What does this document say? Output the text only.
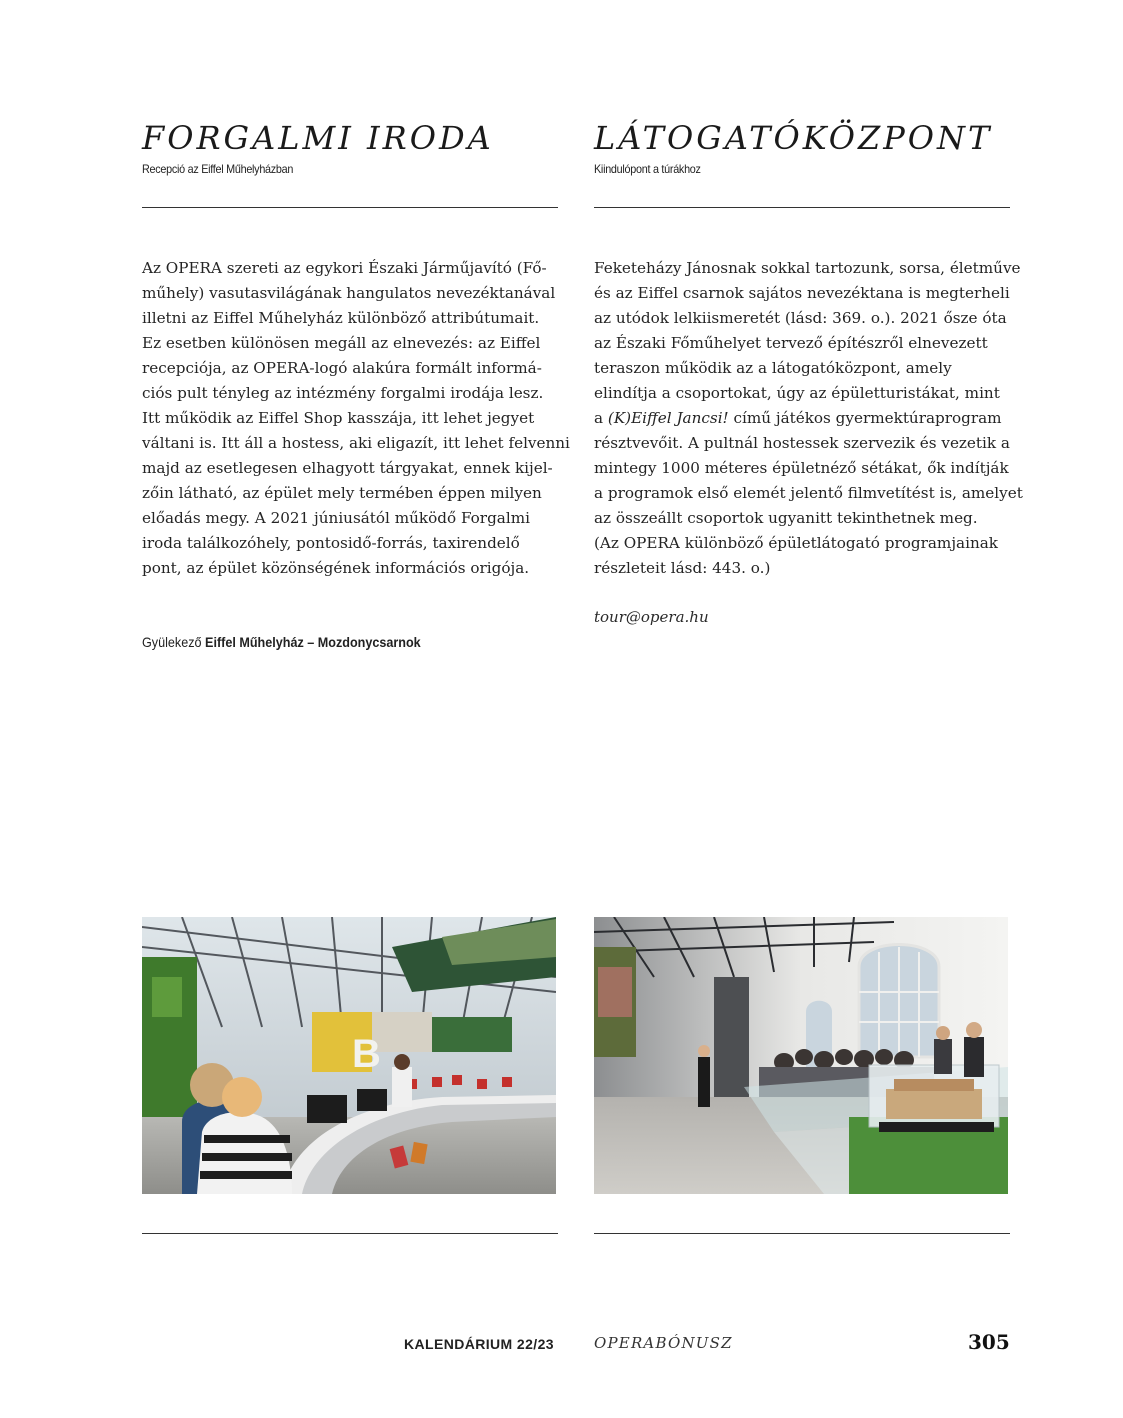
FORGALMI IRODA

Recepció az Eiffel Műhelyházban

Az OPERA szereti az egykori Északi Járműjavító (Fő-
műhely) vasutasvilágának hangulatos nevezéktanával
illetni az Eiffel Műhelyház különböző attribútumait.
Ez esetben különösen megáll az elnevezés: az Eiffel
recepciója, az OPERA-logó alakúra formált informá-
ciós pult tényleg az intézmény forgalmi irodája lesz.
Itt működik az Eiffel Shop kasszája, itt lehet jegyet
váltani is. Itt áll a hostess, aki eligazít, itt lehet felvenni
majd az esetlegesen elhagyott tárgyakat, ennek kijel-
zőin látható, az épület mely termében éppen milyen
előadás megy. A 2021 júniusától működő Forgalmi
iroda találkozóhely, pontosidő-forrás, taxirendelő
pont, az épület közönségének információs origója.

Gyülekező Eiffel Műhelyház – Mozdonycsarnok

B
LÁTOGATÓKÖZPONT

Kiindulópont a túrákhoz

Feketeházy Jánosnak sokkal tartozunk, sorsa, életműve
és az Eiffel csarnok sajátos nevezéktana is megterheli
az utódok lelkiismeretét (lásd: 369. o.). 2021 ősze óta
az Északi Főműhelyet tervező építészről elnevezett
teraszon működik az a látogatóközpont, amely
elindítja a csoportokat, úgy az épületturistákat, mint
a (K)Eiffel Jancsi! című játékos gyermektúraprogram
résztvevőit. A pultnál hostessek szervezik és vezetik a
mintegy 1000 méteres épületnéző sétákat, ők indítják
a programok első elemét jelentő filmvetítést is, amelyet
az összeállt csoportok ugyanitt tekinthetnek meg.
(Az OPERA különböző épületlátogató programjainak
részleteit lásd: 443. o.)

tour@opera.hu

KALENDÁRIUM 22/23	OPERABÓNUSZ	305
